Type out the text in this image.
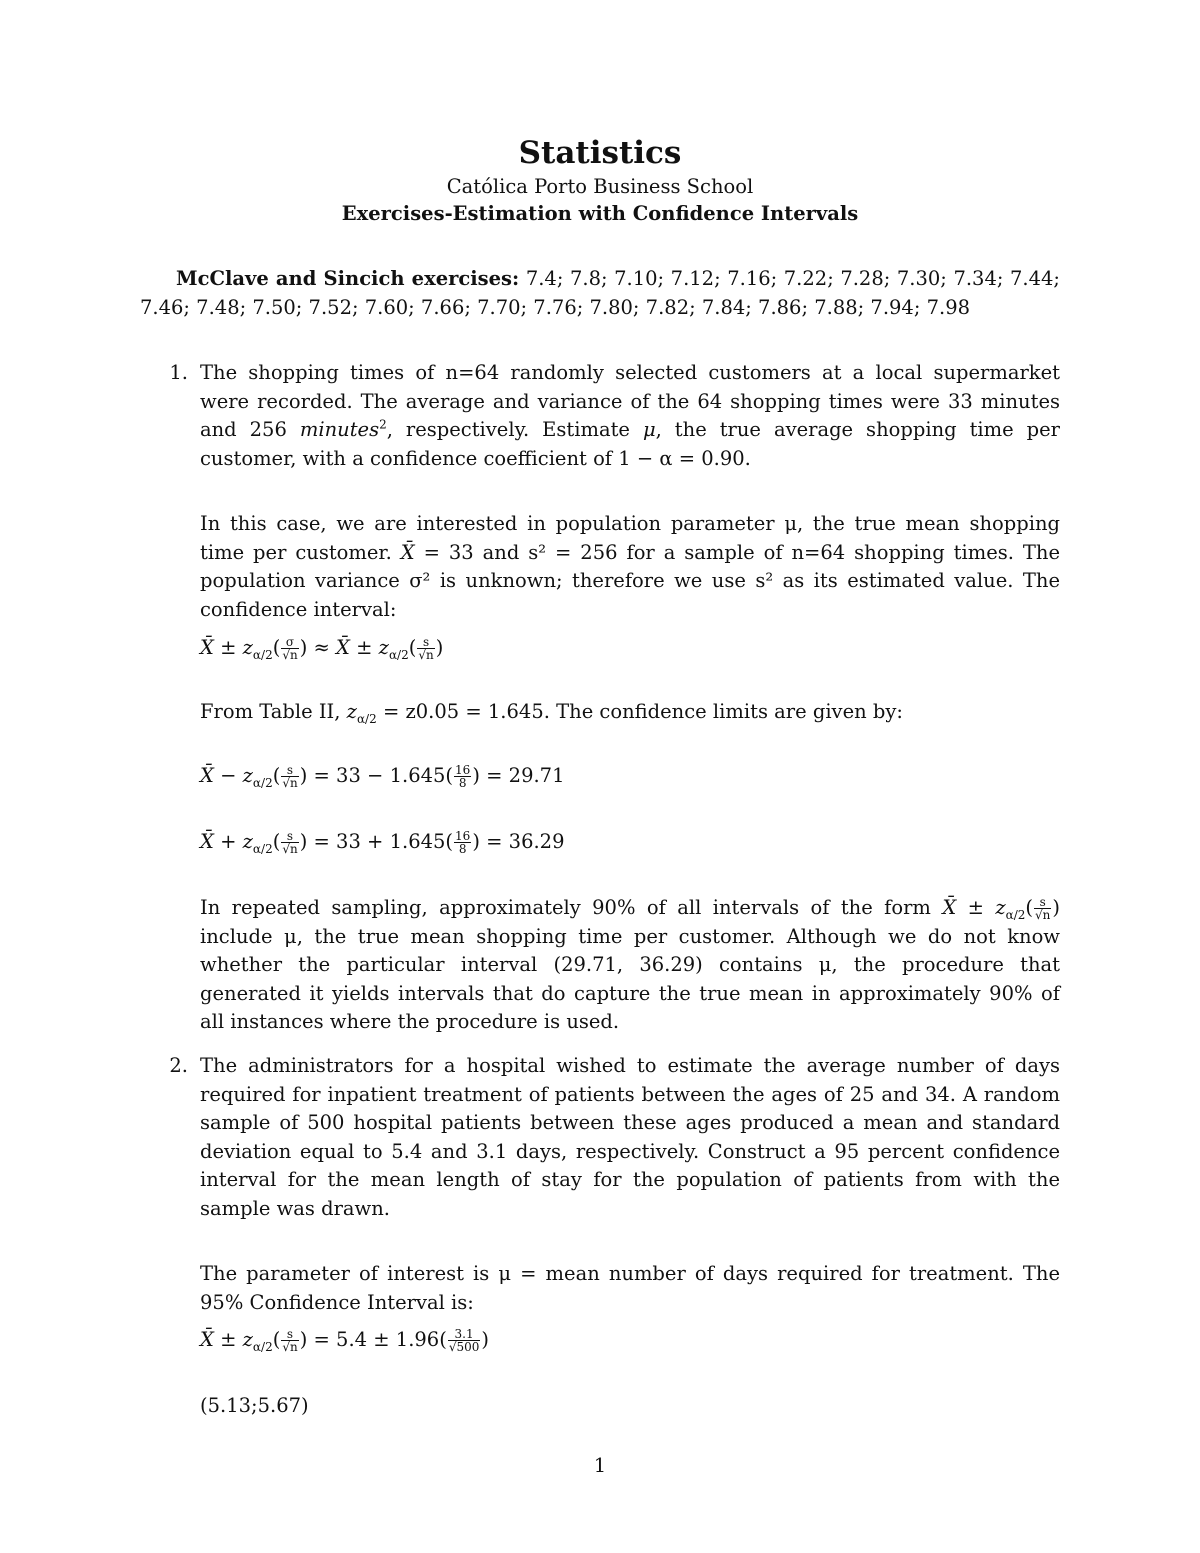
Statistics
Católica Porto Business School
Exercises-Estimation with Confidence Intervals

McClave and Sincich exercises: 7.4; 7.8; 7.10; 7.12; 7.16; 7.22; 7.28; 7.30; 7.34; 7.44; 7.46; 7.48; 7.50; 7.52; 7.60; 7.66; 7.70; 7.76; 7.80; 7.82; 7.84; 7.86; 7.88; 7.94; 7.98

1. The shopping times of n=64 randomly selected customers at a local supermarket were recorded. The average and variance of the 64 shopping times were 33 minutes and 256 minutes$^2$, respectively. Estimate μ, the true average shopping time per customer, with a confidence coefficient of 1 − α = 0.90.
In this case, we are interested in population parameter μ, the true mean shopping time per customer. X̄ = 33 and s² = 256 for a sample of n=64 shopping times. The population variance σ² is unknown; therefore we use s² as its estimated value. The confidence interval:
X̄ ± $z_{\alpha/2}( \frac{\sigma}{√n}$ ) ≈ X̄ ± $z_{\alpha/2}( \frac{s}{√n}$ )
From Table II, $z_{\alpha/2} = z0.05 = 1.645$. The confidence limits are given by:
X̄ − $z_{\alpha/2}( \frac{s}{√n}$ ) = $33 - 1.645( \frac{16}{8}$ ) = 29.71
X̄ + $z_{\alpha/2}( \frac{s}{√n}$ ) = $33 + 1.645( \frac{16}{8}$ ) = 36.29
In repeated sampling, approximately 90% of all intervals of the form X̄ ± $z_{\alpha/2}( \frac{s}{√n}$ ) include μ, the true mean shopping time per customer. Although we do not know whether the particular interval (29.71, 36.29) contains μ, the procedure that generated it yields intervals that do capture the true mean in approximately 90% of all instances where the procedure is used.
2. The administrators for a hospital wished to estimate the average number of days required for inpatient treatment of patients between the ages of 25 and 34. A random sample of 500 hospital patients between these ages produced a mean and standard deviation equal to 5.4 and 3.1 days, respectively. Construct a 95 percent confidence interval for the mean length of stay for the population of patients from with the sample was drawn.
The parameter of interest is μ = mean number of days required for treatment. The 95% Confidence Interval is:
X̄ ± $z_{\alpha/2}( \frac{s}{√n}$ ) = $5.4 \pm 1.96( \frac{3.1}{√500}$ )
(5.13;5.67)
1
